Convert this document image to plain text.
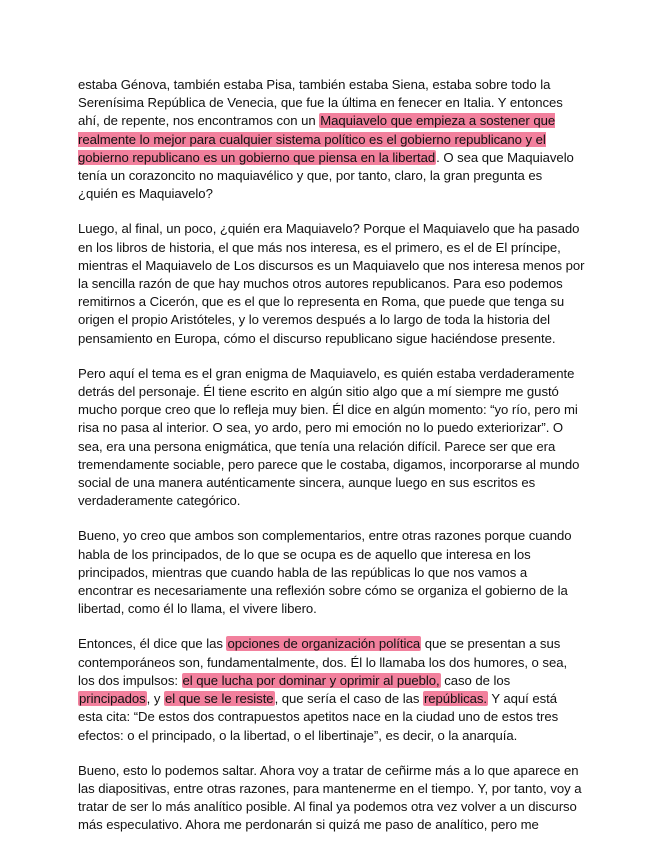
estaba Génova, también estaba Pisa, también estaba Siena, estaba sobre todo la Serenísima República de Venecia, que fue la última en fenecer en Italia. Y entonces ahí, de repente, nos encontramos con un Maquiavelo que empieza a sostener que realmente lo mejor para cualquier sistema político es el gobierno republicano y el gobierno republicano es un gobierno que piensa en la libertad. O sea que Maquiavelo tenía un corazoncito no maquiavélico y que, por tanto, claro, la gran pregunta es ¿quién es Maquiavelo?

Luego, al final, un poco, ¿quién era Maquiavelo? Porque el Maquiavelo que ha pasado en los libros de historia, el que más nos interesa, es el primero, es el de El príncipe, mientras el Maquiavelo de Los discursos es un Maquiavelo que nos interesa menos por la sencilla razón de que hay muchos otros autores republicanos. Para eso podemos remitirnos a Cicerón, que es el que lo representa en Roma, que puede que tenga su origen el propio Aristóteles, y lo veremos después a lo largo de toda la historia del pensamiento en Europa, cómo el discurso republicano sigue haciéndose presente.

Pero aquí el tema es el gran enigma de Maquiavelo, es quién estaba verdaderamente detrás del personaje. Él tiene escrito en algún sitio algo que a mí siempre me gustó mucho porque creo que lo refleja muy bien. Él dice en algún momento: “yo río, pero mi risa no pasa al interior. O sea, yo ardo, pero mi emoción no lo puedo exteriorizar”. O sea, era una persona enigmática, que tenía una relación difícil. Parece ser que era tremendamente sociable, pero parece que le costaba, digamos, incorporarse al mundo social de una manera auténticamente sincera, aunque luego en sus escritos es verdaderamente categórico.

Bueno, yo creo que ambos son complementarios, entre otras razones porque cuando habla de los principados, de lo que se ocupa es de aquello que interesa en los principados, mientras que cuando habla de las repúblicas lo que nos vamos a encontrar es necesariamente una reflexión sobre cómo se organiza el gobierno de la libertad, como él lo llama, el vivere libero.

Entonces, él dice que las opciones de organización política que se presentan a sus contemporáneos son, fundamentalmente, dos. Él lo llamaba los dos humores, o sea, los dos impulsos: el que lucha por dominar y oprimir al pueblo, caso de los principados, y el que se le resiste, que sería el caso de las repúblicas. Y aquí está esta cita: “De estos dos contrapuestos apetitos nace en la ciudad uno de estos tres efectos: o el principado, o la libertad, o el libertinaje”, es decir, o la anarquía.

Bueno, esto lo podemos saltar. Ahora voy a tratar de ceñirme más a lo que aparece en las diapositivas, entre otras razones, para mantenerme en el tiempo. Y, por tanto, voy a tratar de ser lo más analítico posible. Al final ya podemos otra vez volver a un discurso más especulativo. Ahora me perdonarán si quizá me paso de analítico, pero me
